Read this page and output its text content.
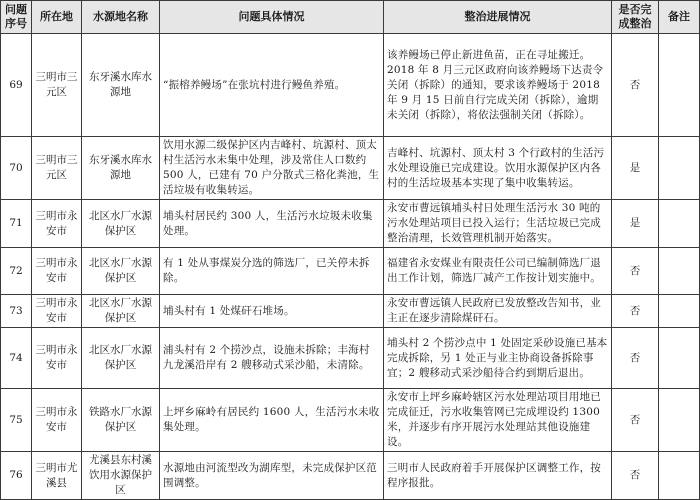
问题序号	所在地	水源地名称	问题具体情况	整治进展情况	是否完成整治	备注
69	三明市三元区	东牙溪水库水源地	“振榕养鳗场”在张坑村进行鳗鱼养殖。	该养鳗场已停止新进鱼苗，正在寻址搬迁。2018 年 8 月三元区政府向该养鳗场下达责令关闭（拆除）的通知，要求该养鳗场于 2018 年 9 月 15 日前自行完成关闭（拆除），逾期未关闭（拆除），将依法强制关闭（拆除）。	否	
70	三明市三元区	东牙溪水库水源地	饮用水源二级保护区内吉峰村、坑源村、顶太村生活污水未集中处理，涉及常住人口数约 500 人，已建有 70 户分散式三格化粪池，生活垃圾有收集转运。	吉峰村、坑源村、顶太村 3 个行政村的生活污水处理设施已完成建设。饮用水源保护区内各村的生活垃圾基本实现了集中收集转运。	是	
71	三明市永安市	北区水厂水源保护区	埔头村居民约 300 人，生活污水垃圾未收集处理。	永安市曹远镇埔头村日处理生活污水 30 吨的污水处理站项目已投入运行；生活垃圾已完成整治清理，长效管理机制开始落实。	是	
72	三明市永安市	北区水厂水源保护区	有 1 处从事煤炭分选的筛选厂，已关停未拆除。	福建省永安煤业有限责任公司已编制筛选厂退出工作计划，筛选厂减产工作按计划实施中。	否	
73	三明市永安市	北区水厂水源保护区	埔头村有 1 处煤矸石堆场。	永安市曹远镇人民政府已发放整改告知书，业主正在逐步清除煤矸石。	否	
74	三明市永安市	北区水厂水源保护区	浦头村有 2 个捞沙点，设施未拆除；丰海村九龙溪沿岸有 2 艘移动式采沙船，未清除。	埔头村 2 个捞沙点中 1 处固定采砂设施已基本完成拆除，另 1 处正与业主协商设备拆除事宜；2 艘移动式采沙船待合约到期后退出。	否	
75	三明市永安市	铁路水厂水源保护区	上坪乡麻岭有居民约 1600 人，生活污水未收集处理。	永安市上坪乡麻岭辖区污水处理站项目用地已完成征迁，污水收集管网已完成埋设约 1300 米，并逐步有序开展污水处理站其他设施建设。	否	
76	三明市尤溪县	尤溪县东村溪饮用水源保护区	水源地由河流型改为湖库型，未完成保护区范围调整。	三明市人民政府着手开展保护区调整工作，按程序报批。	否	
